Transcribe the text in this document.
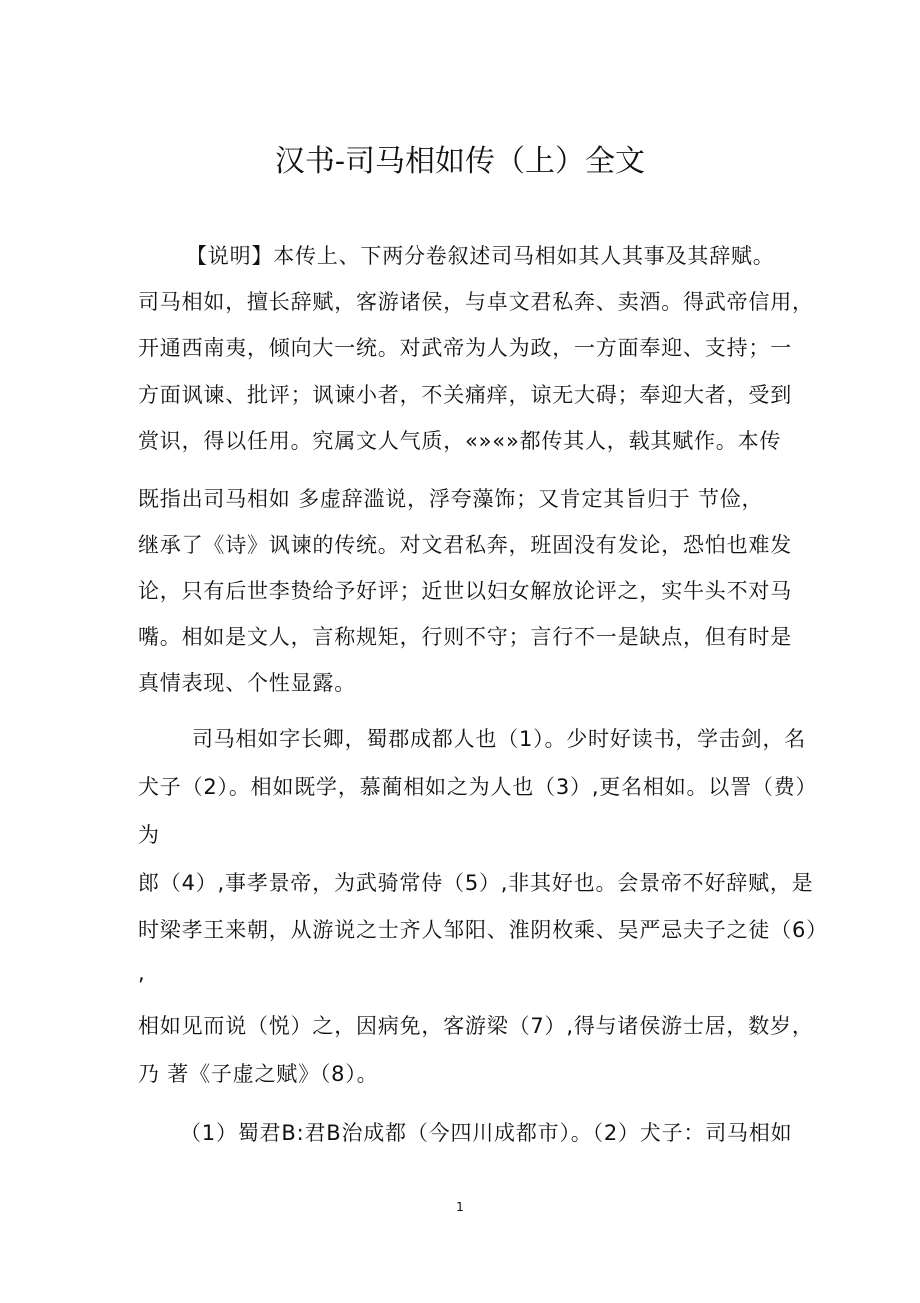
汉书-司马相如传（上）全文
【说明】本传上、下两分卷叙述司马相如其人其事及其辞赋。
司马相如，擅长辞赋，客游诸侯，与卓文君私奔、卖酒。得武帝信用，
开通西南夷，倾向大一统。对武帝为人为政，一方面奉迎、支持；一
方面讽谏、批评；讽谏小者，不关痛痒，谅无大碍；奉迎大者，受到
赏识，得以任用。究属文人气质，«»«»都传其人，载其赋作。本传
既指出司马相如 多虚辞滥说，浮夸藻饰；又肯定其旨归于 节俭，
继承了《诗》讽谏的传统。对文君私奔，班固没有发论，恐怕也难发
论，只有后世李贽给予好评；近世以妇女解放论评之，实牛头不对马
嘴。相如是文人，言称规矩，行则不守；言行不一是缺点，但有时是
真情表现、个性显露。
司马相如字长卿，蜀郡成都人也（1）。少时好读书，学击剑，名
犬子（2）。相如既学，慕蔺相如之为人也（3）,更名相如。以詈（费）
为
郎（4）,事孝景帝，为武骑常侍（5）,非其好也。会景帝不好辞赋，是
时梁孝王来朝，从游说之士齐人邹阳、淮阴枚乘、吴严忌夫子之徒（6）
,
相如见而说（悦）之，因病免，客游梁（7）,得与诸侯游士居，数岁，
乃 著《子虚之赋》（8）。
（1）蜀君B:君B治成都（今四川成都市）。（2）犬子：司马相如
1
